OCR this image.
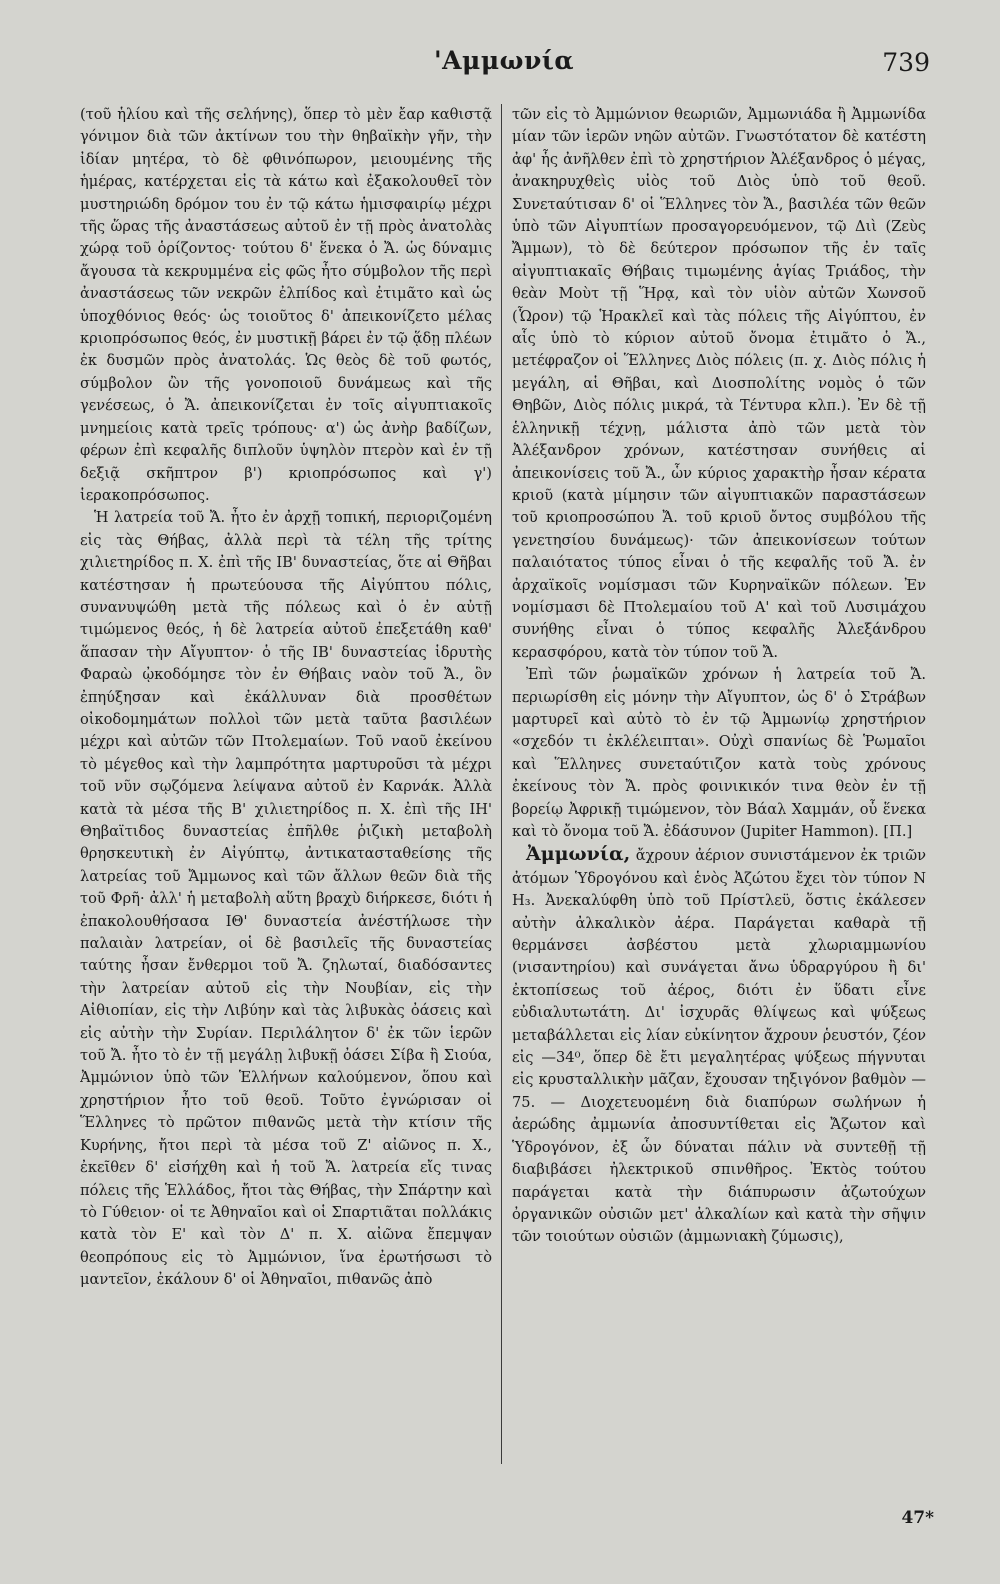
'Αμμωνία	739

(τοῦ ἡλίου καὶ τῆς σελήνης), ὅπερ τὸ μὲν ἔαρ καθιστᾷ γόνιμον διὰ τῶν ἀκτίνων του τὴν θηβαϊκὴν γῆν, τὴν ἰδίαν μητέρα, τὸ δὲ φθινόπωρον, μειουμένης τῆς ἡμέρας, κατέρχεται εἰς τὰ κάτω καὶ ἐξακολουθεῖ τὸν μυστηριώδη δρόμον του ἐν τῷ κάτω ἡμισφαιρίῳ μέχρι τῆς ὥρας τῆς ἀναστάσεως αὐτοῦ ἐν τῇ πρὸς ἀνατολὰς χώρᾳ τοῦ ὁρίζοντος· τούτου δ' ἕνεκα ὁ Ἄ. ὡς δύναμις ἄγουσα τὰ κεκρυμμένα εἰς φῶς ἦτο σύμβολον τῆς περὶ ἀναστάσεως τῶν νεκρῶν ἐλπίδος καὶ ἐτιμᾶτο καὶ ὡς ὑποχθόνιος θεός· ὡς τοιοῦτος δ' ἀπεικονίζετο μέλας κριοπρόσωπος θεός, ἐν μυστικῇ βάρει ἐν τῷ ᾅδῃ πλέων ἐκ δυσμῶν πρὸς ἀνατολάς. Ὡς θεὸς δὲ τοῦ φωτός, σύμβολον ὢν τῆς γονοποιοῦ δυνάμεως καὶ τῆς γενέσεως, ὁ Ἄ. ἀπεικονίζεται ἐν τοῖς αἰγυπτιακοῖς μνημείοις κατὰ τρεῖς τρόπους· α') ὡς ἀνὴρ βαδίζων, φέρων ἐπὶ κεφαλῆς διπλοῦν ὑψηλὸν πτερὸν καὶ ἐν τῇ δεξιᾷ σκῆπτρον β') κριοπρόσωπος καὶ γ') ἱερακοπρόσωπος.

Ἡ λατρεία τοῦ Ἄ. ἦτο ἐν ἀρχῇ τοπική, περιοριζομένη εἰς τὰς Θήβας, ἀλλὰ περὶ τὰ τέλη τῆς τρίτης χιλιετηρίδος π. Χ. ἐπὶ τῆς ΙΒ' δυναστείας, ὅτε αἱ Θῆβαι κατέστησαν ἡ πρωτεύουσα τῆς Αἰγύπτου πόλις, συνανυψώθη μετὰ τῆς πόλεως καὶ ὁ ἐν αὐτῇ τιμώμενος θεός, ἡ δὲ λατρεία αὐτοῦ ἐπεξετάθη καθ' ἅπασαν τὴν Αἴγυπτον· ὁ τῆς ΙΒ' δυναστείας ἱδρυτὴς Φαραὼ ᾠκοδόμησε τὸν ἐν Θήβαις ναὸν τοῦ Ἄ., ὃν ἐπηύξησαν καὶ ἐκάλλυναν διὰ προσθέτων οἰκοδομημάτων πολλοὶ τῶν μετὰ ταῦτα βασιλέων μέχρι καὶ αὐτῶν τῶν Πτολεμαίων. Τοῦ ναοῦ ἐκείνου τὸ μέγεθος καὶ τὴν λαμπρότητα μαρτυροῦσι τὰ μέχρι τοῦ νῦν σῳζόμενα λείψανα αὐτοῦ ἐν Καρνάκ. Ἀλλὰ κατὰ τὰ μέσα τῆς Β' χιλιετηρίδος π. Χ. ἐπὶ τῆς ΙΗ' Θηβαϊτιδος δυναστείας ἐπῆλθε ῥιζικὴ μεταβολὴ θρησκευτικὴ ἐν Αἰγύπτῳ, ἀντικατασταθείσης τῆς λατρείας τοῦ Ἄμμωνος καὶ τῶν ἄλλων θεῶν διὰ τῆς τοῦ Φρῆ· ἀλλ' ἡ μεταβολὴ αὕτη βραχὺ διήρκεσε, διότι ἡ ἐπακολουθήσασα ΙΘ' δυναστεία ἀνέστήλωσε τὴν παλαιὰν λατρείαν, οἱ δὲ βασιλεῖς τῆς δυναστείας ταύτης ἦσαν ἔνθερμοι τοῦ Ἄ. ζηλωταί, διαδόσαντες τὴν λατρείαν αὐτοῦ εἰς τὴν Νουβίαν, εἰς τὴν Αἰθιοπίαν, εἰς τὴν Λιβύην καὶ τὰς λιβυκὰς ὀάσεις καὶ εἰς αὐτὴν τὴν Συρίαν. Περιλάλητον δ' ἐκ τῶν ἱερῶν τοῦ Ἄ. ἦτο τὸ ἐν τῇ μεγάλῃ λιβυκῇ ὀάσει Σίβα ἢ Σιούα, Ἀμμώνιον ὑπὸ τῶν Ἑλλήνων καλούμενον, ὅπου καὶ χρηστήριον ἦτο τοῦ θεοῦ. Τοῦτο ἐγνώρισαν οἱ Ἕλληνες τὸ πρῶτον πιθανῶς μετὰ τὴν κτίσιν τῆς Κυρήνης, ἤτοι περὶ τὰ μέσα τοῦ Ζ' αἰῶνος π. Χ., ἐκεῖθεν δ' εἰσήχθη καὶ ἡ τοῦ Ἄ. λατρεία εἴς τινας πόλεις τῆς Ἑλλάδος, ἤτοι τὰς Θήβας, τὴν Σπάρτην καὶ τὸ Γύθειον· οἱ τε Ἀθηναῖοι καὶ οἱ Σπαρτιᾶται πολλάκις κατὰ τὸν Ε' καὶ τὸν Δ' π. Χ. αἰῶνα ἔπεμψαν θεοπρόπους εἰς τὸ Ἀμμώνιον, ἵνα ἐρωτήσωσι τὸ μαντεῖον, ἐκάλουν δ' οἱ Ἀθηναῖοι, πιθανῶς ἀπὸ

τῶν εἰς τὸ Ἀμμώνιον θεωριῶν, Ἀμμωνιάδα ἢ Ἀμμωνίδα μίαν τῶν ἱερῶν νηῶν αὐτῶν. Γνωστότατον δὲ κατέστη ἀφ' ἧς ἀνῆλθεν ἐπὶ τὸ χρηστήριον Ἀλέξανδρος ὁ μέγας, ἀνακηρυχθεὶς υἱὸς τοῦ Διὸς ὑπὸ τοῦ θεοῦ. Συνεταύτισαν δ' οἱ Ἕλληνες τὸν Ἄ., βασιλέα τῶν θεῶν ὑπὸ τῶν Αἰγυπτίων προσαγορευόμενον, τῷ Διὶ (Ζεὺς Ἄμμων), τὸ δὲ δεύτερον πρόσωπον τῆς ἐν ταῖς αἰγυπτιακαῖς Θήβαις τιμωμένης ἁγίας Τριάδος, τὴν θεὰν Μοὺτ τῇ Ἥρᾳ, καὶ τὸν υἱὸν αὐτῶν Χωνσοῦ (Ὧρον) τῷ Ἡρακλεῖ καὶ τὰς πόλεις τῆς Αἰγύπτου, ἐν αἷς ὑπὸ τὸ κύριον αὐτοῦ ὄνομα ἐτιμᾶτο ὁ Ἄ., μετέφραζον οἱ Ἕλληνες Διὸς πόλεις (π. χ. Διὸς πόλις ἡ μεγάλη, αἱ Θῆβαι, καὶ Διοσπολίτης νομὸς ὁ τῶν Θηβῶν, Διὸς πόλις μικρά, τὰ Τέντυρα κλπ.). Ἐν δὲ τῇ ἑλληνικῇ τέχνῃ, μάλιστα ἀπὸ τῶν μετὰ τὸν Ἀλέξανδρον χρόνων, κατέστησαν συνήθεις αἱ ἀπεικονίσεις τοῦ Ἄ., ὧν κύριος χαρακτὴρ ἦσαν κέρατα κριοῦ (κατὰ μίμησιν τῶν αἰγυπτιακῶν παραστάσεων τοῦ κριοπροσώπου Ἄ. τοῦ κριοῦ ὄντος συμβόλου τῆς γενετησίου δυνάμεως)· τῶν ἀπεικονίσεων τούτων παλαιότατος τύπος εἶναι ὁ τῆς κεφαλῆς τοῦ Ἄ. ἐν ἀρχαϊκοῖς νομίσμασι τῶν Κυρηναϊκῶν πόλεων. Ἐν νομίσμασι δὲ Πτολεμαίου τοῦ Α' καὶ τοῦ Λυσιμάχου συνήθης εἶναι ὁ τύπος κεφαλῆς Ἀλεξάνδρου κερασφόρου, κατὰ τὸν τύπον τοῦ Ἄ.

Ἐπὶ τῶν ῥωμαϊκῶν χρόνων ἡ λατρεία τοῦ Ἄ. περιωρίσθη εἰς μόνην τὴν Αἴγυπτον, ὡς δ' ὁ Στράβων μαρτυρεῖ καὶ αὐτὸ τὸ ἐν τῷ Ἀμμωνίῳ χρηστήριον «σχεδόν τι ἐκλέλειπται». Οὐχὶ σπανίως δὲ Ῥωμαῖοι καὶ Ἕλληνες συνεταύτιζον κατὰ τοὺς χρόνους ἐκείνους τὸν Ἄ. πρὸς φοινικικόν τινα θεὸν ἐν τῇ βορείῳ Ἀφρικῇ τιμώμενον, τὸν Βάαλ Χαμμάν, οὗ ἕνεκα καὶ τὸ ὄνομα τοῦ Ἄ. ἐδάσυνον (Jupiter Hammon). [Π.]

Ἀμμωνία, ἄχρουν ἀέριον συνιστάμενον ἐκ τριῶν ἀτόμων Ὑδρογόνου καὶ ἑνὸς Ἀζώτου ἔχει τὸν τύπον N H₃. Ἀνεκαλύφθη ὑπὸ τοῦ Πρίστλεϋ, ὅστις ἐκάλεσεν αὐτὴν ἀλκαλικὸν ἀέρα. Παράγεται καθαρὰ τῇ θερμάνσει ἀσβέστου μετὰ χλωριαμμωνίου (νισαντηρίου) καὶ συνάγεται ἄνω ὑδραργύρου ἢ δι' ἐκτοπίσεως τοῦ ἀέρος, διότι ἐν ὕδατι εἶνε εὐδιαλυτωτάτη. Δι' ἰσχυρᾶς θλίψεως καὶ ψύξεως μεταβάλλεται εἰς λίαν εὐκίνητον ἄχρουν ῥευστόν, ζέον εἰς —34⁰, ὅπερ δὲ ἔτι μεγαλητέρας ψύξεως πήγνυται εἰς κρυσταλλικὴν μᾶζαν, ἔχουσαν τηξιγόνον βαθμὸν — 75. — Διοχετευομένη διὰ διαπύρων σωλήνων ἡ ἀερώδης ἀμμωνία ἀποσυντίθεται εἰς Ἄζωτον καὶ Ὑδρογόνον, ἐξ ὧν δύναται πάλιν νὰ συντεθῇ τῇ διαβιβάσει ἠλεκτρικοῦ σπινθῆρος. Ἐκτὸς τούτου παράγεται κατὰ τὴν διάπυρωσιν ἀζωτούχων ὀργανικῶν οὐσιῶν μετ' ἀλκαλίων καὶ κατὰ τὴν σῆψιν τῶν τοιούτων οὐσιῶν (ἀμμωνιακὴ ζύμωσις),

47*
